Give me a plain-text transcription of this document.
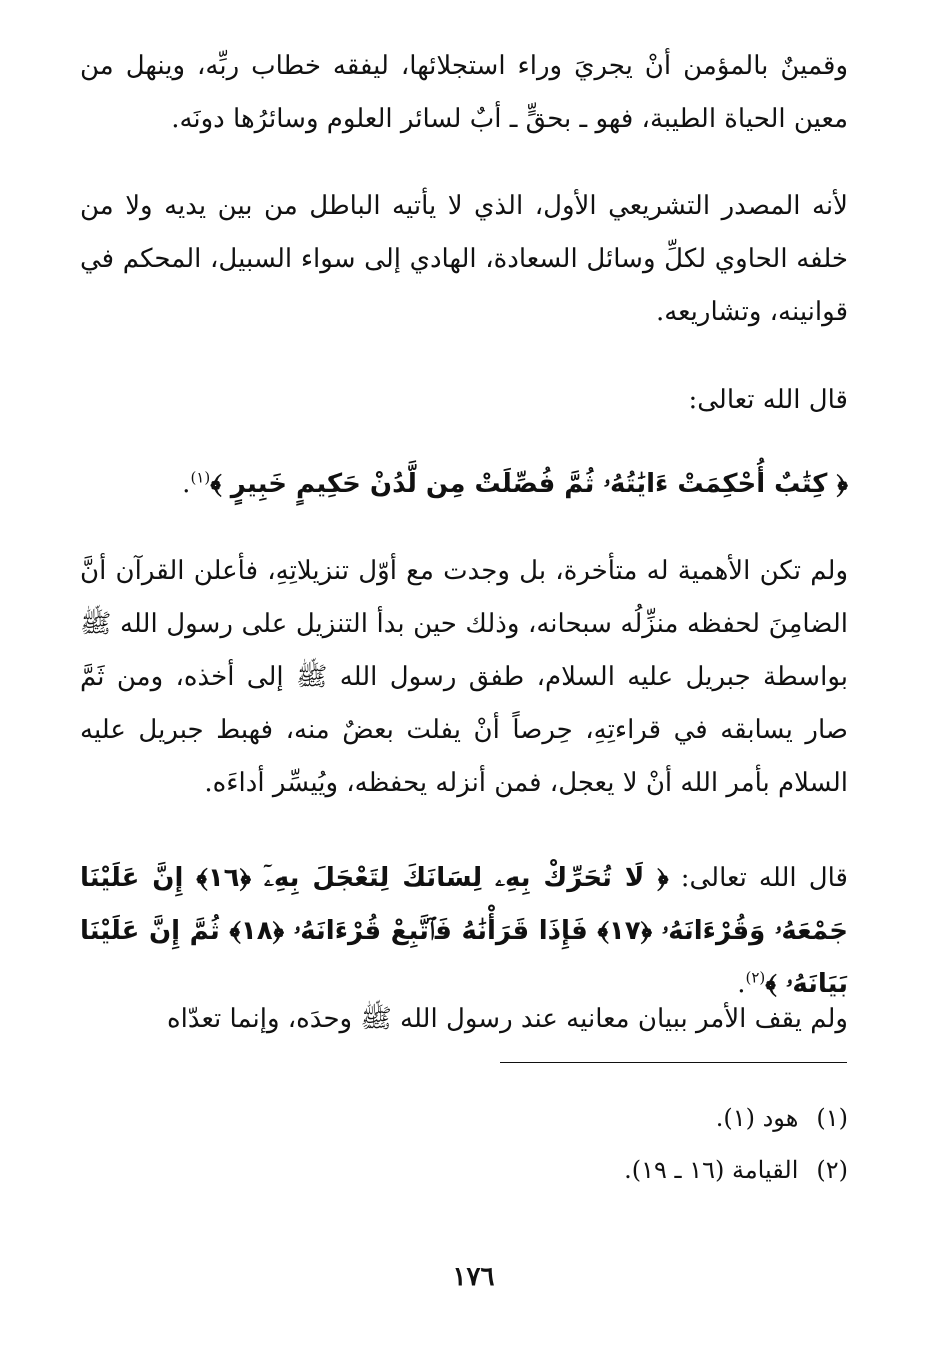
وقمينٌ بالمؤمن أنْ يجريَ وراء استجلائها، ليفقه خطاب ربِّه، وينهل من معين الحياة الطيبة، فهو ـ بحقٍّ ـ أبٌ لسائر العلوم وسائرُها دونَه.

لأنه المصدر التشريعي الأول، الذي لا يأتيه الباطل من بين يديه ولا من خلفه الحاوي لكلِّ وسائل السعادة، الهادي إلى سواء السبيل، المحكم في قوانينه، وتشاريعه.

قال الله تعالى:

﴿ كِتَٰبٌ أُحْكِمَتْ ءَايَٰتُهُۥ ثُمَّ فُصِّلَتْ مِن لَّدُنْ حَكِيمٍ خَبِيرٍ ﴾$^{(١)}$.

ولم تكن الأهمية له متأخرة، بل وجدت مع أوّل تنزيلاتِهِ، فأعلن القرآن أنَّ الضامِنَ لحفظه منزِّلُه سبحانه، وذلك حين بدأ التنزيل على رسول الله ﷺ بواسطة جبريل عليه السلام، طفق رسول الله ﷺ إلى أخذه، ومن ثَمَّ صار يسابقه في قراءتِهِ، حِرصاً أنْ يفلت بعضٌ منه، فهبط جبريل عليه السلام بأمر الله أنْ لا يعجل، فمن أنزله يحفظه، ويُيسِّر أداءَه.

قال الله تعالى: ﴿ لَا تُحَرِّكْ بِهِۦ لِسَانَكَ لِتَعْجَلَ بِهِۦٓ ﴿١٦﴾ إِنَّ عَلَيْنَا جَمْعَهُۥ وَقُرْءَانَهُۥ ﴿١٧﴾ فَإِذَا قَرَأْنَٰهُ فَٱتَّبِعْ قُرْءَانَهُۥ ﴿١٨﴾ ثُمَّ إِنَّ عَلَيْنَا بَيَانَهُۥ ﴾$^{(٢)}$.

ولم يقف الأمر ببيان معانيه عند رسول الله ﷺ وحدَه، وإنما تعدّاه

(١)هود (١).
(٢)القيامة (١٦ ـ ١٩).
١٧٦
